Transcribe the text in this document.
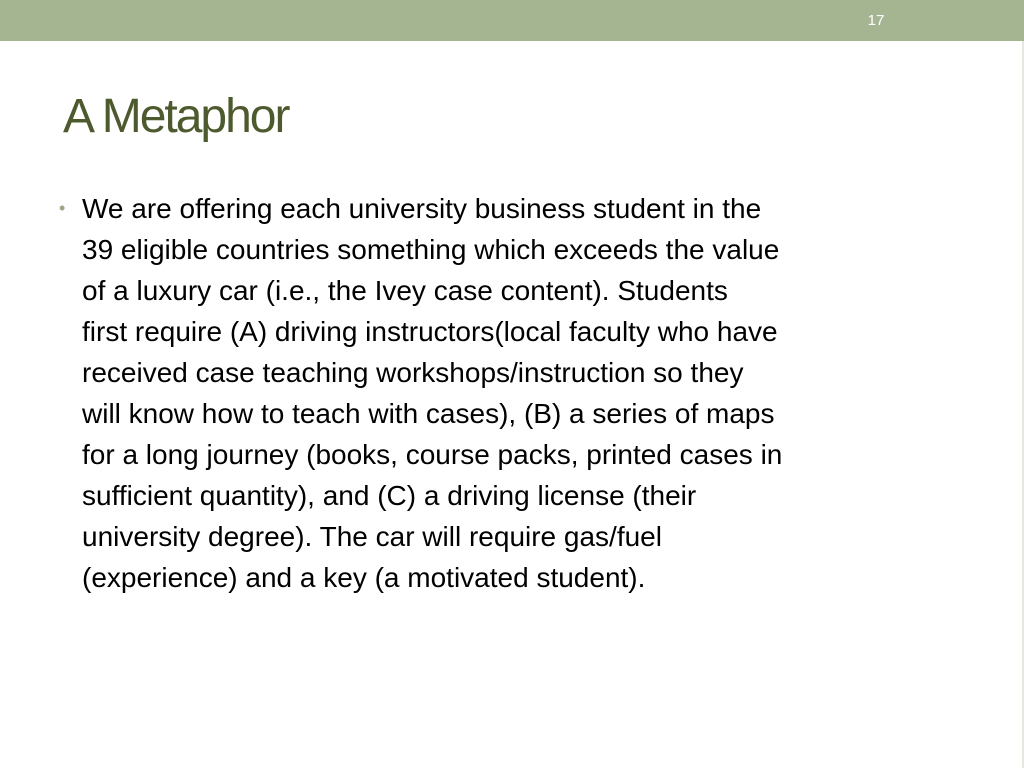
17
A Metaphor
• We are offering each university business student in the
39 eligible countries something which exceeds the value
of a luxury car (i.e., the Ivey case content). Students
first require (A) driving instructors(local faculty who have
received case teaching workshops/instruction so they
will know how to teach with cases), (B) a series of maps
for a long journey (books, course packs, printed cases in
sufficient quantity), and (C) a driving license (their
university degree). The car will require gas/fuel
(experience) and a key (a motivated student).
